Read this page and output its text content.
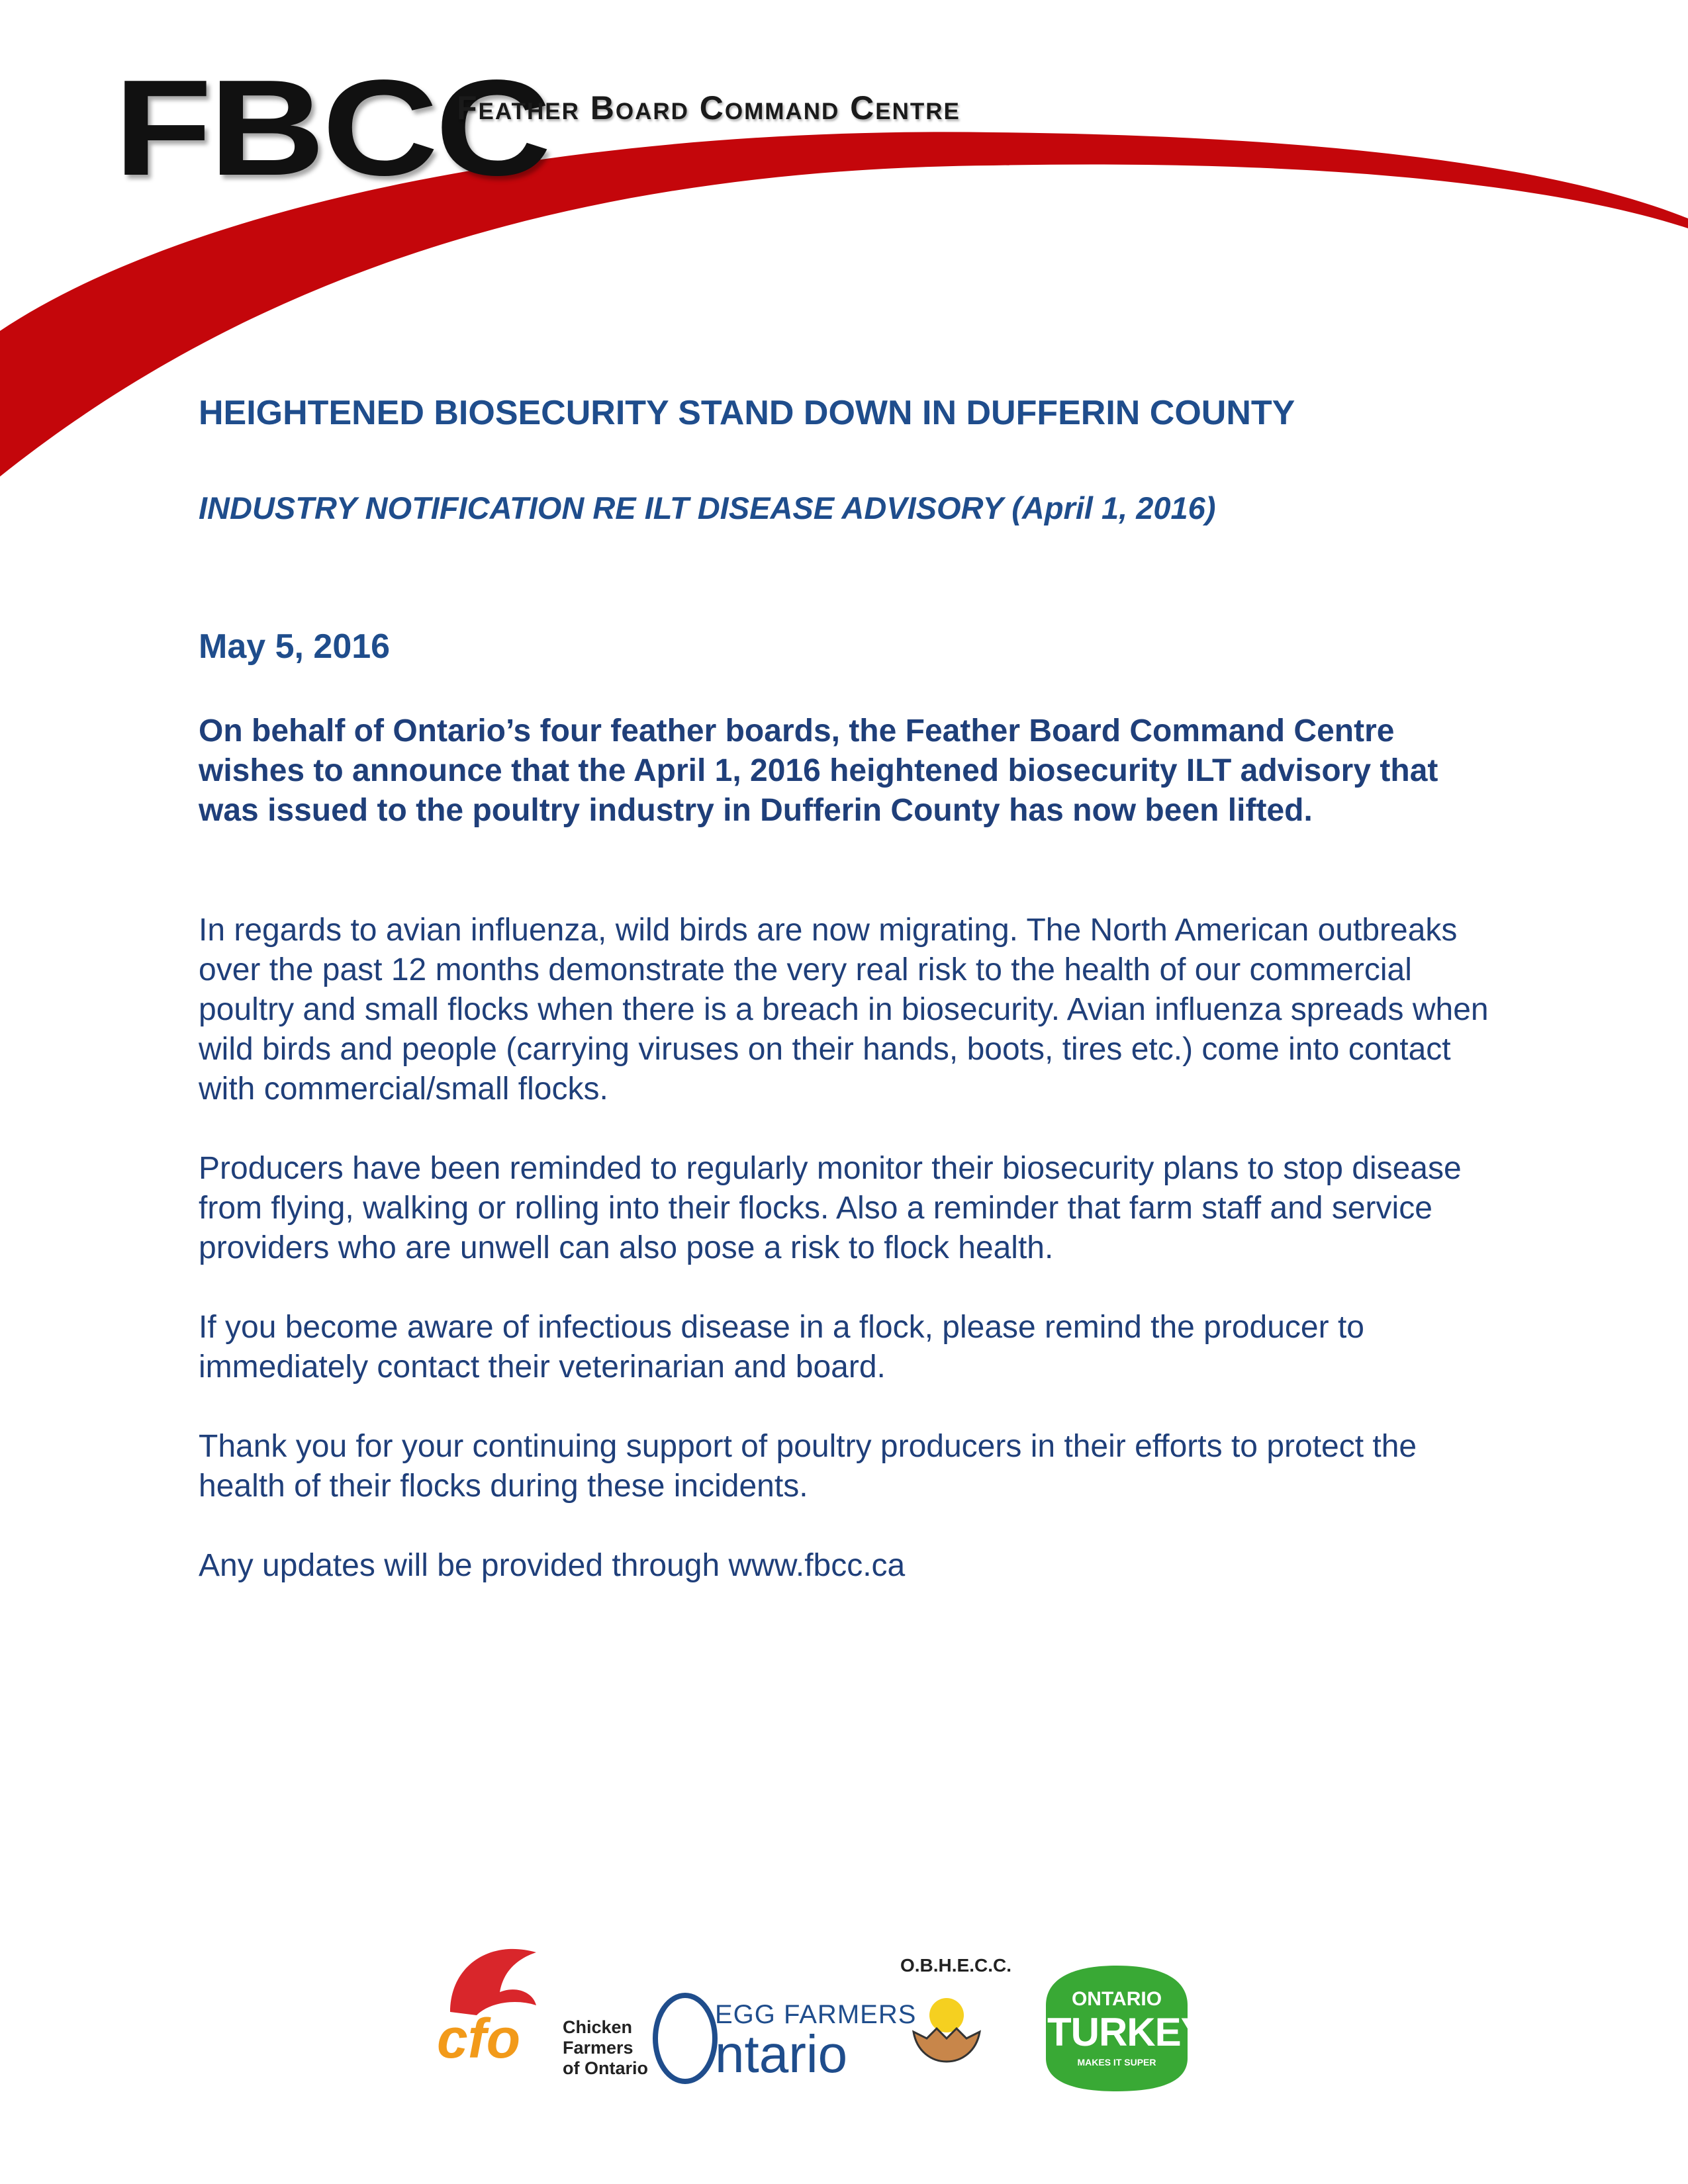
FBCC
Feather Board Command Centre
HEIGHTENED BIOSECURITY STAND DOWN IN DUFFERIN COUNTY
INDUSTRY NOTIFICATION RE ILT DISEASE ADVISORY (April 1, 2016)
May 5, 2016

On behalf of Ontario’s four feather boards, the Feather Board Command Centre wishes to announce that the April 1, 2016 heightened biosecurity ILT advisory that was issued to the poultry industry in Dufferin County has now been lifted.

In regards to avian influenza, wild birds are now migrating. The North American outbreaks over the past 12 months demonstrate the very real risk to the health of our commercial poultry and small flocks when there is a breach in biosecurity. Avian influenza spreads when wild birds and people (carrying viruses on their hands, boots, tires etc.) come into contact with commercial/small flocks.

Producers have been reminded to regularly monitor their biosecurity plans to stop disease from flying, walking or rolling into their flocks. Also a reminder that farm staff and service providers who are unwell can also pose a risk to flock health.

If you become aware of infectious disease in a flock, please remind the producer to immediately contact their veterinarian and board.

Thank you for your continuing support of poultry producers in their efforts to protect the health of their flocks during these incidents.

Any updates will be provided through www.fbcc.ca

cfo Chicken
Farmers
of Ontario
EGG FARMERS
ntario
O.B.H.E.C.C.
ONTARIO
TURKEY
MAKES IT SUPER
